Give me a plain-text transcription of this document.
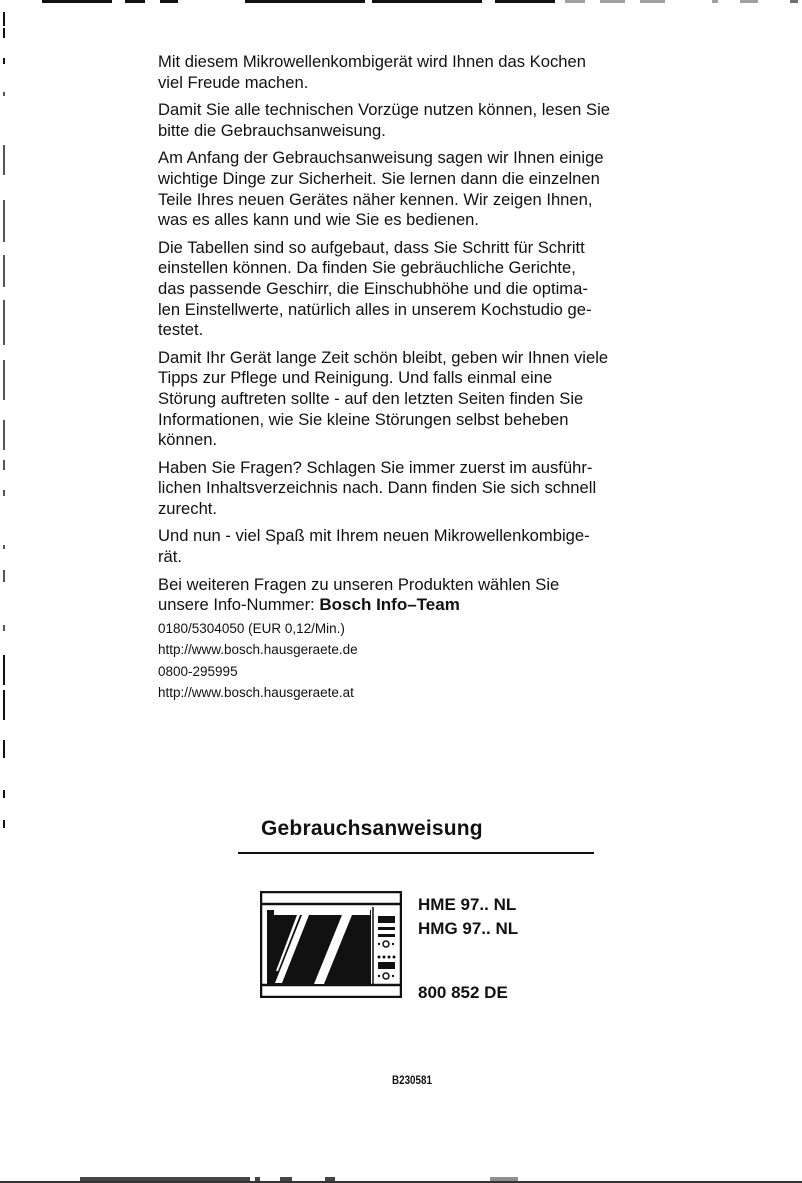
Mit diesem Mikrowellenkombigerät wird Ihnen das Kochen
viel Freude machen.

Damit Sie alle technischen Vorzüge nutzen können, lesen Sie
bitte die Gebrauchsanweisung.

Am Anfang der Gebrauchsanweisung sagen wir Ihnen einige
wichtige Dinge zur Sicherheit. Sie lernen dann die einzelnen
Teile Ihres neuen Gerätes näher kennen. Wir zeigen Ihnen,
was es alles kann und wie Sie es bedienen.

Die Tabellen sind so aufgebaut, dass Sie Schritt für Schritt
einstellen können. Da finden Sie gebräuchliche Gerichte,
das passende Geschirr, die Einschubhöhe und die optima-
len Einstellwerte, natürlich alles in unserem Kochstudio ge-
testet.

Damit Ihr Gerät lange Zeit schön bleibt, geben wir Ihnen viele
Tipps zur Pflege und Reinigung. Und falls einmal eine
Störung auftreten sollte - auf den letzten Seiten finden Sie
Informationen, wie Sie kleine Störungen selbst beheben
können.

Haben Sie Fragen? Schlagen Sie immer zuerst im ausführ-
lichen Inhaltsverzeichnis nach. Dann finden Sie sich schnell
zurecht.

Und nun - viel Spaß mit Ihrem neuen Mikrowellenkombige-
rät.

Bei weiteren Fragen zu unseren Produkten wählen Sie
unsere Info-Nummer: Bosch Info–Team

0180/5304050 (EUR 0,12/Min.)
http://www.bosch.hausgeraete.de
0800-295995
http://www.bosch.hausgeraete.at
Gebrauchsanweisung
HME 97.. NL
HMG 97.. NL
800 852 DE
B230581
